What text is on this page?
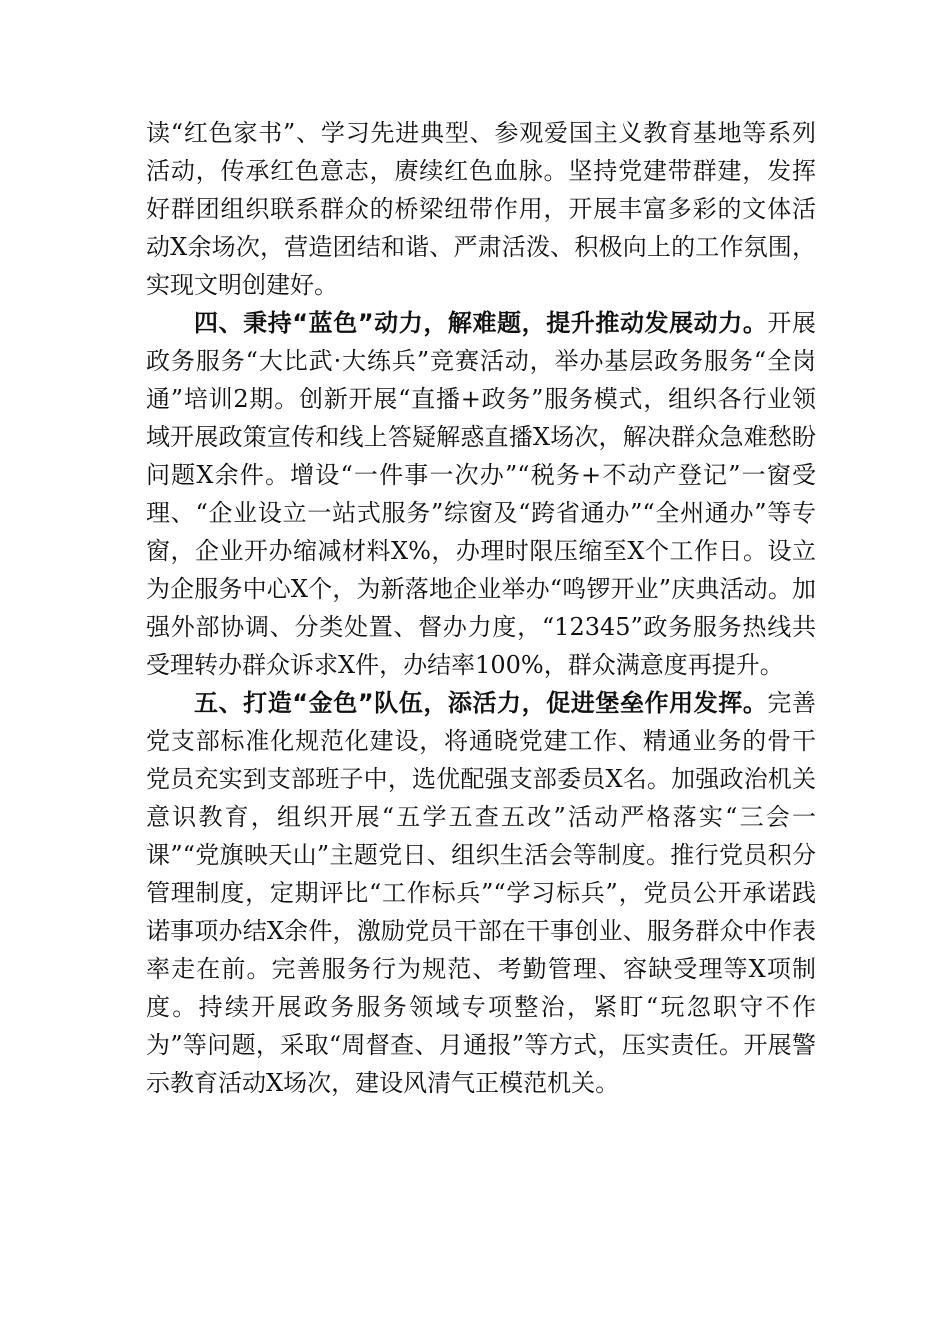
读“红色家书”、学习先进典型、参观爱国主义教育基地等系列活动，传承红色意志，赓续红色血脉。坚持党建带群建，发挥好群团组织联系群众的桥梁纽带作用，开展丰富多彩的文体活动X余场次，营造团结和谐、严肃活泼、积极向上的工作氛围，实现文明创建好。

四、秉持“蓝色”动力，解难题，提升推动发展动力。开展政务服务“大比武·大练兵”竞赛活动，举办基层政务服务“全岗通”培训2期。创新开展“直播+政务”服务模式，组织各行业领域开展政策宣传和线上答疑解惑直播X场次，解决群众急难愁盼问题X余件。增设“一件事一次办”“税务+不动产登记”一窗受理、“企业设立一站式服务”综窗及“跨省通办”“全州通办”等专窗，企业开办缩减材料X%，办理时限压缩至X个工作日。设立为企服务中心X个，为新落地企业举办“鸣锣开业”庆典活动。加强外部协调、分类处置、督办力度，“12345”政务服务热线共受理转办群众诉求X件，办结率100%，群众满意度再提升。

五、打造“金色”队伍，添活力，促进堡垒作用发挥。完善党支部标准化规范化建设，将通晓党建工作、精通业务的骨干党员充实到支部班子中，选优配强支部委员X名。加强政治机关意识教育，组织开展“五学五查五改”活动严格落实“三会一课”“党旗映天山”主题党日、组织生活会等制度。推行党员积分管理制度，定期评比“工作标兵”“学习标兵”，党员公开承诺践诺事项办结X余件，激励党员干部在干事创业、服务群众中作表率走在前。完善服务行为规范、考勤管理、容缺受理等X项制度。持续开展政务服务领域专项整治，紧盯“玩忽职守不作为”等问题，采取“周督查、月通报”等方式，压实责任。开展警示教育活动X场次，建设风清气正模范机关。
